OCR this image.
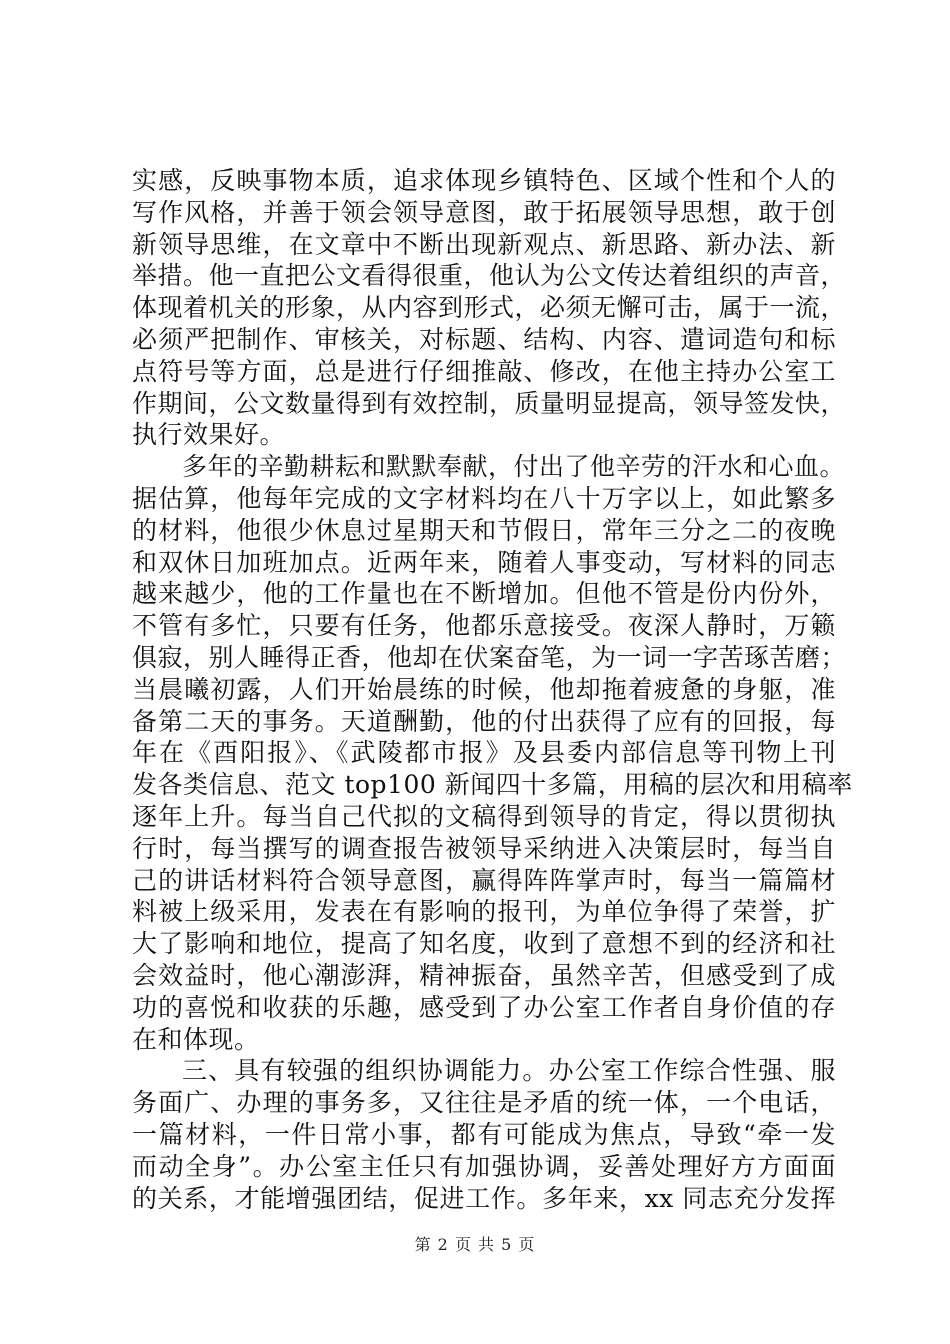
实感，反映事物本质，追求体现乡镇特色、区域个性和个人的
写作风格，并善于领会领导意图，敢于拓展领导思想，敢于创
新领导思维，在文章中不断出现新观点、新思路、新办法、新
举措。他一直把公文看得很重，他认为公文传达着组织的声音，
体现着机关的形象，从内容到形式，必须无懈可击，属于一流，
必须严把制作、审核关，对标题、结构、内容、遣词造句和标
点符号等方面，总是进行仔细推敲、修改，在他主持办公室工
作期间，公文数量得到有效控制，质量明显提高，领导签发快，
执行效果好。
多年的辛勤耕耘和默默奉献，付出了他辛劳的汗水和心血。
据估算，他每年完成的文字材料均在八十万字以上，如此繁多
的材料，他很少休息过星期天和节假日，常年三分之二的夜晚
和双休日加班加点。近两年来，随着人事变动，写材料的同志
越来越少，他的工作量也在不断增加。但他不管是份内份外，
不管有多忙，只要有任务，他都乐意接受。夜深人静时，万籁
俱寂，别人睡得正香，他却在伏案奋笔，为一词一字苦琢苦磨；
当晨曦初露，人们开始晨练的时候，他却拖着疲惫的身躯，准
备第二天的事务。天道酬勤，他的付出获得了应有的回报，每
年在《酉阳报》、《武陵都市报》及县委内部信息等刊物上刊
发各类信息、范文 top100 新闻四十多篇，用稿的层次和用稿率
逐年上升。每当自己代拟的文稿得到领导的肯定，得以贯彻执
行时，每当撰写的调查报告被领导采纳进入决策层时，每当自
己的讲话材料符合领导意图，赢得阵阵掌声时，每当一篇篇材
料被上级采用，发表在有影响的报刊，为单位争得了荣誉，扩
大了影响和地位，提高了知名度，收到了意想不到的经济和社
会效益时，他心潮澎湃，精神振奋，虽然辛苦，但感受到了成
功的喜悦和收获的乐趣，感受到了办公室工作者自身价值的存
在和体现。
三、具有较强的组织协调能力。办公室工作综合性强、服
务面广、办理的事务多，又往往是矛盾的统一体，一个电话，
一篇材料，一件日常小事，都有可能成为焦点，导致“牵一发
而动全身”。办公室主任只有加强协调，妥善处理好方方面面
的关系，才能增强团结，促进工作。多年来，xx 同志充分发挥
第 2 页 共 5 页
